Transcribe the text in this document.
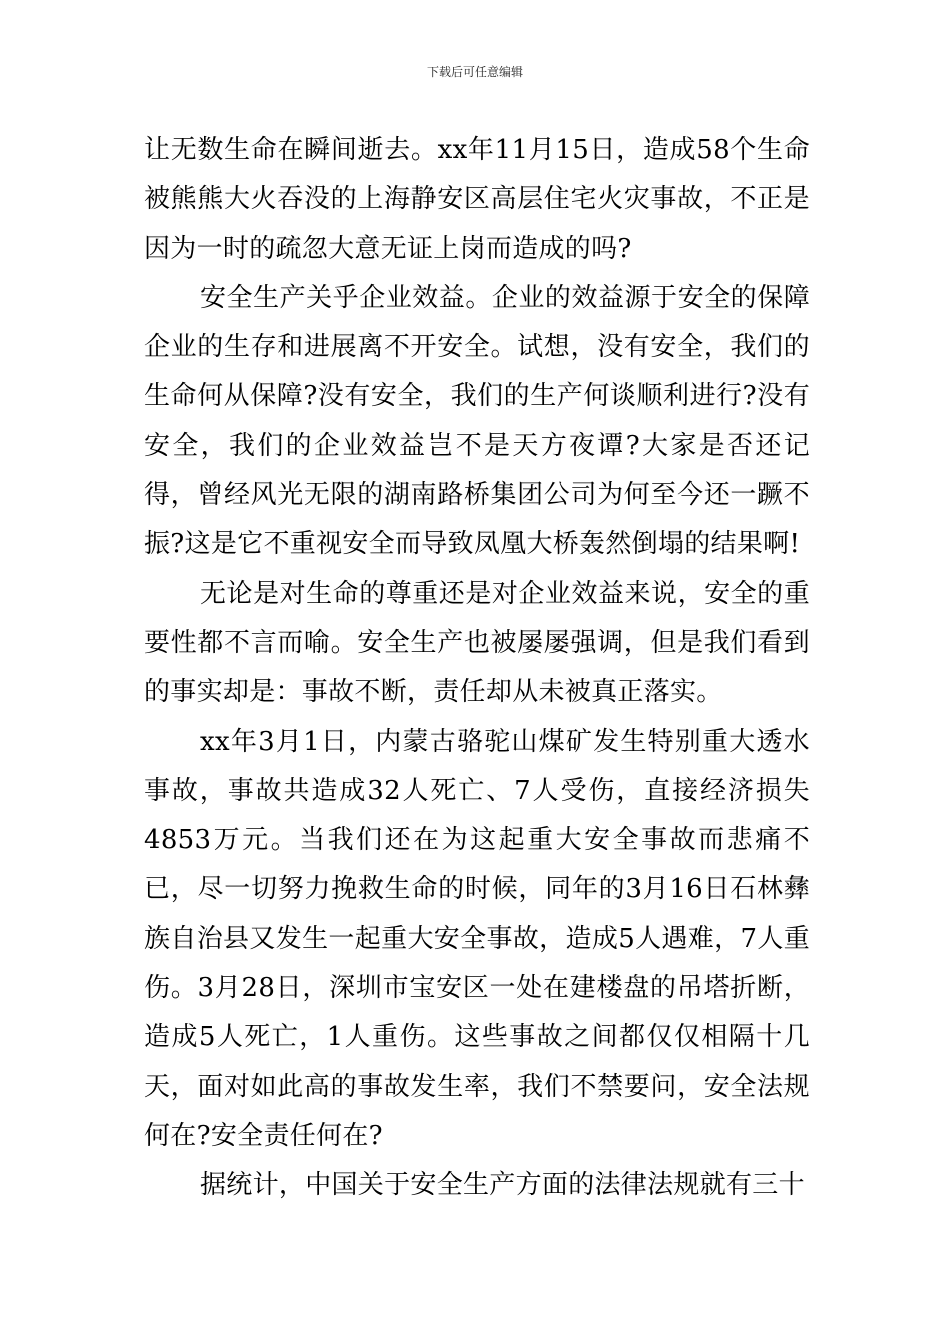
下载后可任意编辑

让无数生命在瞬间逝去。xx年11月15日，造成58个生命被熊熊大火吞没的上海静安区高层住宅火灾事故，不正是因为一时的疏忽大意无证上岗而造成的吗?

安全生产关乎企业效益。企业的效益源于安全的保障企业的生存和进展离不开安全。试想，没有安全，我们的生命何从保障?没有安全，我们的生产何谈顺利进行?没有安全，我们的企业效益岂不是天方夜谭?大家是否还记得，曾经风光无限的湖南路桥集团公司为何至今还一蹶不振?这是它不重视安全而导致凤凰大桥轰然倒塌的结果啊!

无论是对生命的尊重还是对企业效益来说，安全的重要性都不言而喻。安全生产也被屡屡强调，但是我们看到的事实却是：事故不断，责任却从未被真正落实。

xx年3月1日，内蒙古骆驼山煤矿发生特别重大透水事故，事故共造成32人死亡、7人受伤，直接经济损失4853万元。当我们还在为这起重大安全事故而悲痛不已，尽一切努力挽救生命的时候，同年的3月16日石林彝族自治县又发生一起重大安全事故，造成5人遇难，7人重伤。3月28日，深圳市宝安区一处在建楼盘的吊塔折断，造成5人死亡，1人重伤。这些事故之间都仅仅相隔十几天，面对如此高的事故发生率，我们不禁要问，安全法规何在?安全责任何在?

据统计，中国关于安全生产方面的法律法规就有三十
